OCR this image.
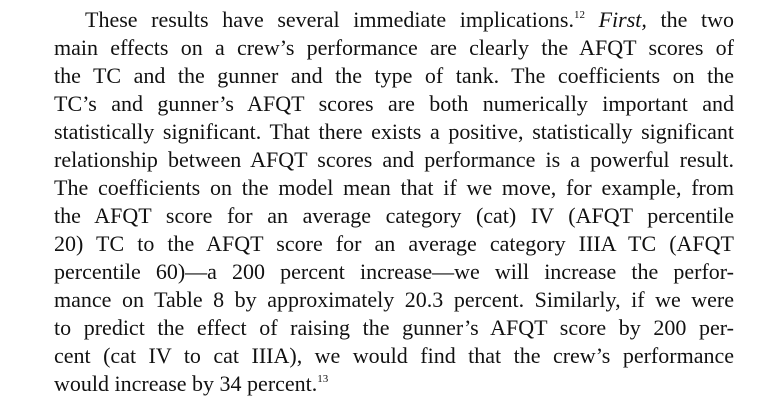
These results have several immediate implications.$^{12}$ First, the two
main effects on a crew’s performance are clearly the AFQT scores of
the TC and the gunner and the type of tank. The coefficients on the
TC’s and gunner’s AFQT scores are both numerically important and
statistically significant. That there exists a positive, statistically significant
relationship between AFQT scores and performance is a powerful result.
The coefficients on the model mean that if we move, for example, from
the AFQT score for an average category (cat) IV (AFQT percentile
20) TC to the AFQT score for an average category IIIA TC (AFQT
percentile 60)—a 200 percent increase—we will increase the perfor-
mance on Table 8 by approximately 20.3 percent. Similarly, if we were
to predict the effect of raising the gunner’s AFQT score by 200 per-
cent (cat IV to cat IIIA), we would find that the crew’s performance
would increase by 34 percent.$^{13}$
